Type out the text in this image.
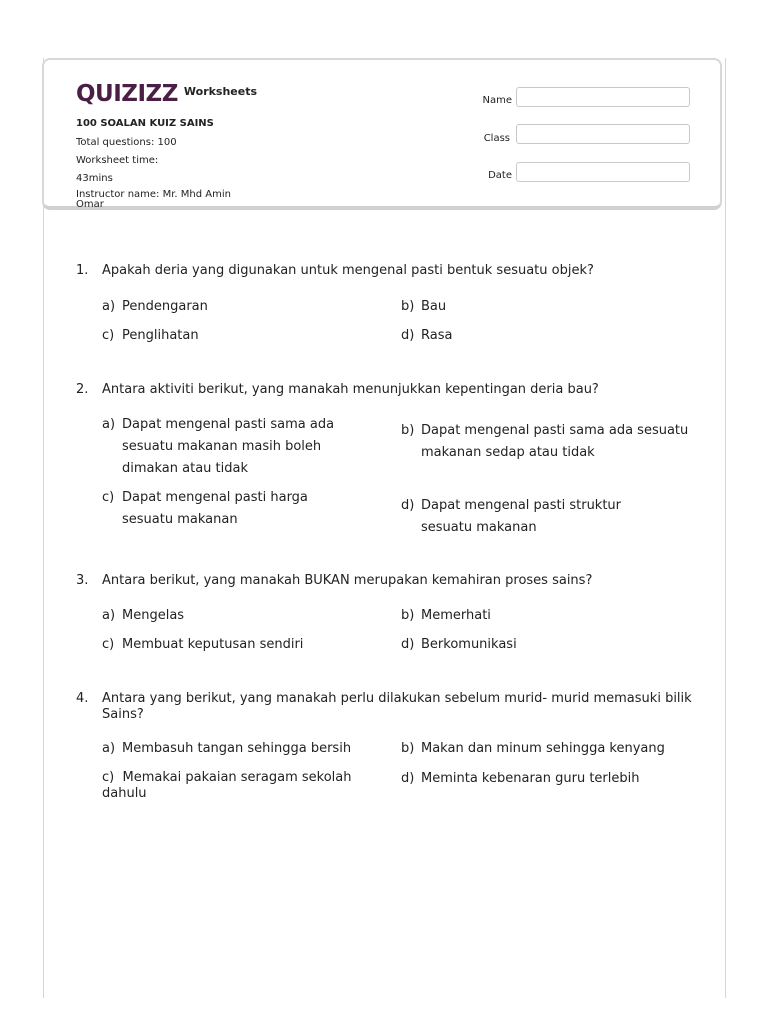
QUIZIZZ Worksheets
100 SOALAN KUIZ SAINS
Total questions: 100
Worksheet time:
43mins
Instructor name: Mr. Mhd Amin
Omar
Name
Class
Date
1. Apakah deria yang digunakan untuk mengenal pasti bentuk sesuatu objek?
a) Pendengaran	b) Bau
c) Penglihatan	d) Rasa
2. Antara aktiviti berikut, yang manakah menunjukkan kepentingan deria bau?
a) Dapat mengenal pasti sama ada sesuatu makanan masih boleh dimakan atau tidak
b) Dapat mengenal pasti sama ada sesuatu makanan sedap atau tidak
c) Dapat mengenal pasti harga sesuatu makanan
d) Dapat mengenal pasti struktur sesuatu makanan
3. Antara berikut, yang manakah BUKAN merupakan kemahiran proses sains?
a) Mengelas	b) Memerhati
c) Membuat keputusan sendiri	d) Berkomunikasi
4. Antara yang berikut, yang manakah perlu dilakukan sebelum murid- murid memasuki bilik Sains?
a) Membasuh tangan sehingga bersih	b) Makan dan minum sehingga kenyang
c) Memakai pakaian seragam sekolah dahulu
d) Meminta kebenaran guru terlebih
